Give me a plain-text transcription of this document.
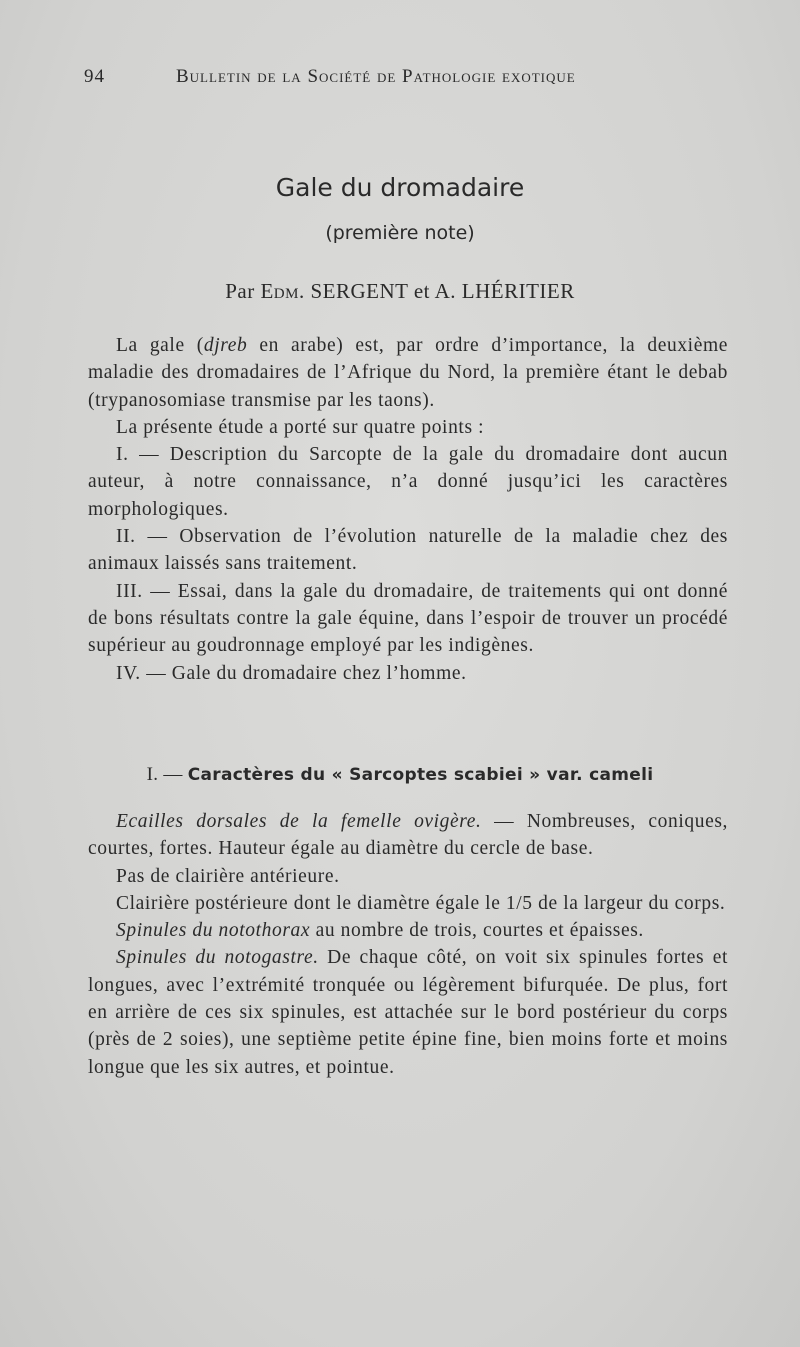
94	Bulletin de la Société de Pathologie exotique
Gale du dromadaire
(première note)
Par Edm. SERGENT et A. LHÉRITIER

La gale (djreb en arabe) est, par ordre d’importance, la deuxième maladie des dromadaires de l’Afrique du Nord, la première étant le debab (trypanosomiase transmise par les taons).

La présente étude a porté sur quatre points :

I. — Description du Sarcopte de la gale du dromadaire dont aucun auteur, à notre connaissance, n’a donné jusqu’ici les caractères morphologiques.

II. — Observation de l’évolution naturelle de la maladie chez des animaux laissés sans traitement.

III. — Essai, dans la gale du dromadaire, de traitements qui ont donné de bons résultats contre la gale équine, dans l’espoir de trouver un procédé supérieur au goudronnage employé par les indigènes.

IV. — Gale du dromadaire chez l’homme.

I. — Caractères du « Sarcoptes scabiei » var. cameli

Ecailles dorsales de la femelle ovigère. — Nombreuses, coniques, courtes, fortes. Hauteur égale au diamètre du cercle de base.

Pas de clairière antérieure.

Clairière postérieure dont le diamètre égale le 1/5 de la largeur du corps.

Spinules du notothorax au nombre de trois, courtes et épaisses.

Spinules du notogastre. De chaque côté, on voit six spinules fortes et longues, avec l’extrémité tronquée ou légèrement bifurquée. De plus, fort en arrière de ces six spinules, est attachée sur le bord postérieur du corps (près de 2 soies), une septième petite épine fine, bien moins forte et moins longue que les six autres, et pointue.
